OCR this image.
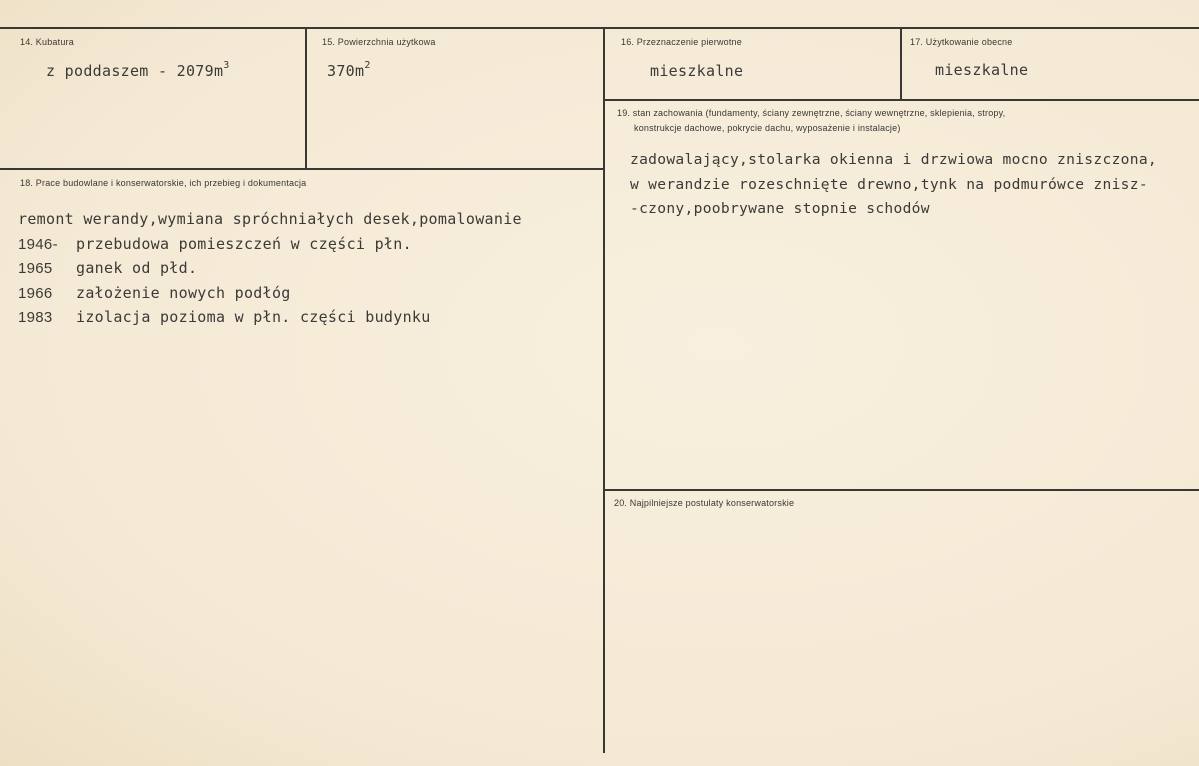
14. Kubatura
z poddaszem - $2079m^3$
15. Powierzchnia użytkowa
$370m^2$
16. Przeznaczenie pierwotne
mieszkalne
17. Użytkowanie obecne
mieszkalne
18. Prace budowlane i konserwatorskie, ich przebieg i dokumentacja
remont werandy,wymiana spróchniałych desek,pomalowanie
1946- przebudowa pomieszczeń w części płn.
1965 ganek od płd.
1966 założenie nowych podłóg
1983 izolacja pozioma w płn. części budynku
19. stan zachowania (fundamenty, ściany zewnętrzne, ściany wewnętrzne, sklepienia, stropy,
konstrukcje dachowe, pokrycie dachu, wyposażenie i instalacje)
zadowalający,stolarka okienna i drzwiowa mocno zniszczona,
w werandzie rozeschnięte drewno,tynk na podmurówce znisz-
-czony,poobrywane stopnie schodów
20. Najpilniejsze postulaty konserwatorskie
